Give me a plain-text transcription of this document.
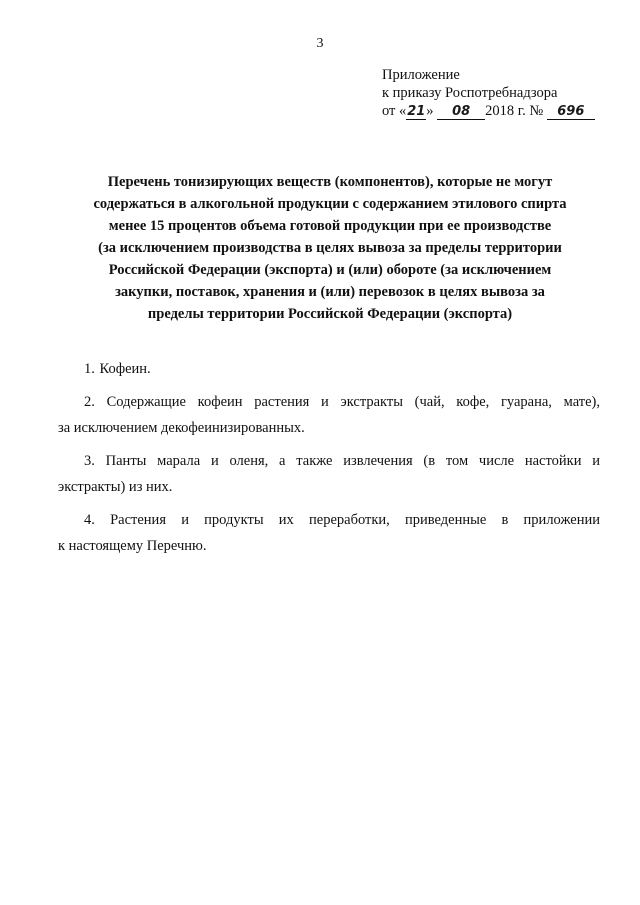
3
Приложение
к приказу Роспотребнадзора
от «21» 08 2018 г. № 696
Перечень тонизирующих веществ (компонентов), которые не могут
содержаться в алкогольной продукции с содержанием этилового спирта
менее 15 процентов объема готовой продукции при ее производстве
(за исключением производства в целях вывоза за пределы территории
Российской Федерации (экспорта) и (или) обороте (за исключением
закупки, поставок, хранения и (или) перевозок в целях вывоза за
пределы территории Российской Федерации (экспорта)

1. Кофеин.

2. Содержащие кофеин растения и экстракты (чай, кофе, гуарана, мате),
за исключением декофеинизированных.

3. Панты марала и оленя, а также извлечения (в том числе настойки и
экстракты) из них.

4. Растения и продукты их переработки, приведенные в приложении
к настоящему Перечню.
